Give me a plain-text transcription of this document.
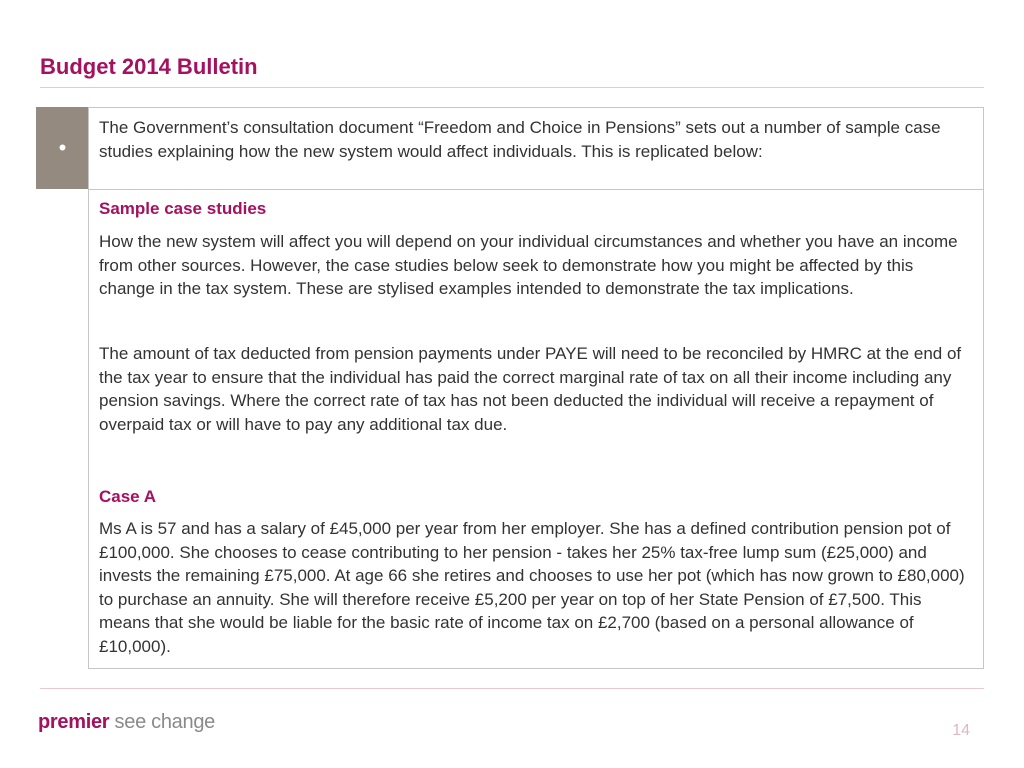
Budget 2014 Bulletin
•

The Government’s consultation document “Freedom and Choice in Pensions” sets out a number of sample case studies explaining how the new system would affect individuals. This is replicated below:

Sample case studies

How the new system will affect you will depend on your individual circumstances and whether you have an income from other sources. However, the case studies below seek to demonstrate how you might be affected by this change in the tax system. These are stylised examples intended to demonstrate the tax implications.

The amount of tax deducted from pension payments under PAYE will need to be reconciled by HMRC at the end of the tax year to ensure that the individual has paid the correct marginal rate of tax on all their income including any pension savings. Where the correct rate of tax has not been deducted the individual will receive a repayment of overpaid tax or will have to pay any additional tax due.

Case A

Ms A is 57 and has a salary of £45,000 per year from her employer. She has a defined contribution pension pot of £100,000. She chooses to cease contributing to her pension - takes her 25% tax-free lump sum (£25,000) and invests the remaining £75,000. At age 66 she retires and chooses to use her pot (which has now grown to £80,000) to purchase an annuity. She will therefore receive £5,200 per year on top of her State Pension of £7,500. This means that she would be liable for the basic rate of income tax on £2,700 (based on a personal allowance of £10,000).

premier see change	14
